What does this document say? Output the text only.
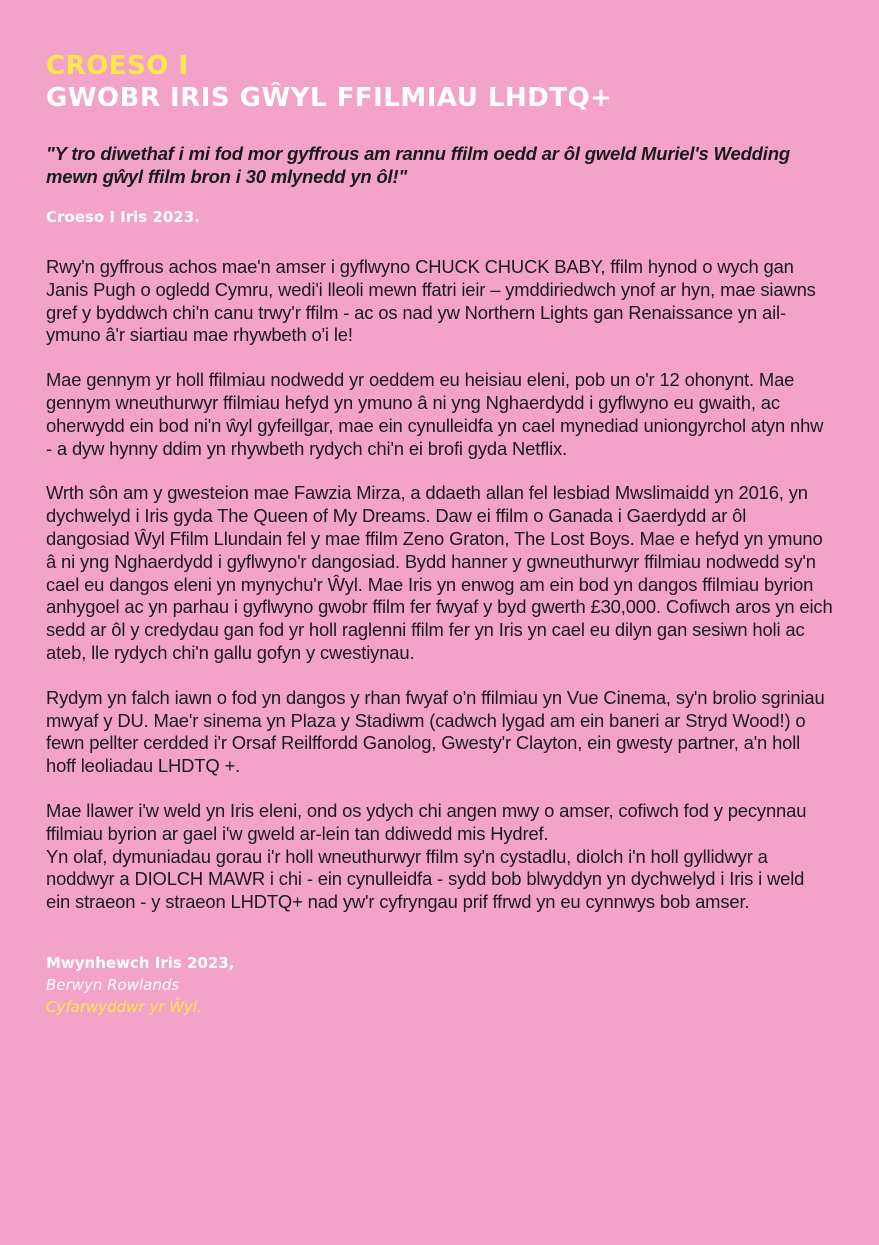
CROESO I
GWOBR IRIS GŴYL FFILMIAU LHDTQ+

"Y tro diwethaf i mi fod mor gyffrous am rannu ffilm oedd ar ôl gweld Muriel's Wedding mewn gŵyl ffilm bron i 30 mlynedd yn ôl!"

Croeso I Iris 2023.

Rwy'n gyffrous achos mae'n amser i gyflwyno CHUCK CHUCK BABY, ffilm hynod o wych gan Janis Pugh o ogledd Cymru, wedi'i lleoli mewn ffatri ieir – ymddiriedwch ynof ar hyn, mae siawns gref y byddwch chi'n canu trwy'r ffilm - ac os nad yw Northern Lights gan Renaissance yn ail-ymuno â'r siartiau mae rhywbeth o'i le!

Mae gennym yr holl ffilmiau nodwedd yr oeddem eu heisiau eleni, pob un o'r 12 ohonynt. Mae gennym wneuthurwyr ffilmiau hefyd yn ymuno â ni yng Nghaerdydd i gyflwyno eu gwaith, ac oherwydd ein bod ni'n ŵyl gyfeillgar, mae ein cynulleidfa yn cael mynediad uniongyrchol atyn nhw - a dyw hynny ddim yn rhywbeth rydych chi'n ei brofi gyda Netflix.

Wrth sôn am y gwesteion mae Fawzia Mirza, a ddaeth allan fel lesbiad Mwslimaidd yn 2016, yn dychwelyd i Iris gyda The Queen of My Dreams. Daw ei ffilm o Ganada i Gaerdydd ar ôl dangosiad Ŵyl Ffilm Llundain fel y mae ffilm Zeno Graton, The Lost Boys. Mae e hefyd yn ymuno â ni yng Nghaerdydd i gyflwyno'r dangosiad. Bydd hanner y gwneuthurwyr ffilmiau nodwedd sy'n cael eu dangos eleni yn mynychu'r Ŵyl. Mae Iris yn enwog am ein bod yn dangos ffilmiau byrion anhygoel ac yn parhau i gyflwyno gwobr ffilm fer fwyaf y byd gwerth £30,000. Cofiwch aros yn eich sedd ar ôl y credydau gan fod yr holl raglenni ffilm fer yn Iris yn cael eu dilyn gan sesiwn holi ac ateb, lle rydych chi'n gallu gofyn y cwestiynau.

Rydym yn falch iawn o fod yn dangos y rhan fwyaf o'n ffilmiau yn Vue Cinema, sy'n brolio sgriniau mwyaf y DU. Mae'r sinema yn Plaza y Stadiwm (cadwch lygad am ein baneri ar Stryd Wood!) o fewn pellter cerdded i'r Orsaf Reilffordd Ganolog, Gwesty'r Clayton, ein gwesty partner, a'n holl hoff leoliadau LHDTQ +.

Mae llawer i'w weld yn Iris eleni, ond os ydych chi angen mwy o amser, cofiwch fod y pecynnau ffilmiau byrion ar gael i'w gweld ar-lein tan ddiwedd mis Hydref.

Yn olaf, dymuniadau gorau i'r holl wneuthurwyr ffilm sy'n cystadlu, diolch i'n holl gyllidwyr a noddwyr a DIOLCH MAWR i chi - ein cynulleidfa - sydd bob blwyddyn yn dychwelyd i Iris i weld ein straeon - y straeon LHDTQ+ nad yw'r cyfryngau prif ffrwd yn eu cynnwys bob amser.

Mwynhewch Iris 2023,
Berwyn Rowlands
Cyfarwyddwr yr Ŵyl.
